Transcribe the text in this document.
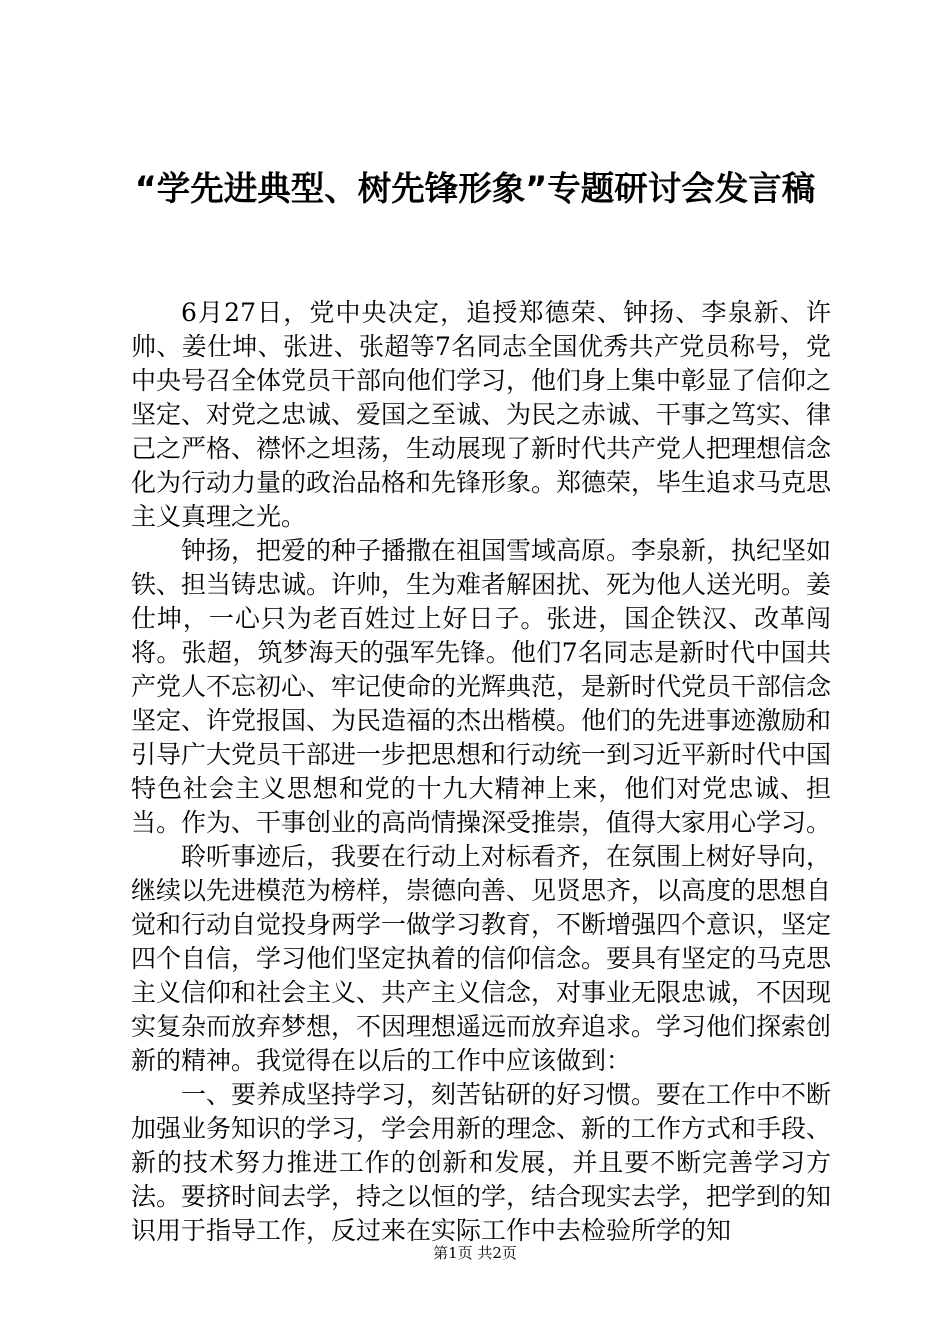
“学先进典型、树先锋形象”专题研讨会发言稿

6月27日，党中央决定，追授郑德荣、钟扬、李泉新、许帅、姜仕坤、张进、张超等7名同志全国优秀共产党员称号，党中央号召全体党员干部向他们学习，他们身上集中彰显了信仰之坚定、对党之忠诚、爱国之至诚、为民之赤诚、干事之笃实、律己之严格、襟怀之坦荡，生动展现了新时代共产党人把理想信念化为行动力量的政治品格和先锋形象。郑德荣，毕生追求马克思主义真理之光。

钟扬，把爱的种子播撒在祖国雪域高原。李泉新，执纪坚如铁、担当铸忠诚。许帅，生为难者解困扰、死为他人送光明。姜仕坤，一心只为老百姓过上好日子。张进，国企铁汉、改革闯将。张超，筑梦海天的强军先锋。他们7名同志是新时代中国共产党人不忘初心、牢记使命的光辉典范，是新时代党员干部信念坚定、许党报国、为民造福的杰出楷模。他们的先进事迹激励和引导广大党员干部进一步把思想和行动统一到习近平新时代中国特色社会主义思想和党的十九大精神上来，他们对党忠诚、担当。作为、干事创业的高尚情操深受推崇，值得大家用心学习。

聆听事迹后，我要在行动上对标看齐，在氛围上树好导向，继续以先进模范为榜样，崇德向善、见贤思齐，以高度的思想自觉和行动自觉投身两学一做学习教育，不断增强四个意识，坚定四个自信，学习他们坚定执着的信仰信念。要具有坚定的马克思主义信仰和社会主义、共产主义信念，对事业无限忠诚，不因现实复杂而放弃梦想，不因理想遥远而放弃追求。学习他们探索创新的精神。我觉得在以后的工作中应该做到：

一、要养成坚持学习，刻苦钻研的好习惯。要在工作中不断加强业务知识的学习，学会用新的理念、新的工作方式和手段、新的技术努力推进工作的创新和发展，并且要不断完善学习方法。要挤时间去学，持之以恒的学，结合现实去学，把学到的知识用于指导工作，反过来在实际工作中去检验所学的知

第1页 共2页
